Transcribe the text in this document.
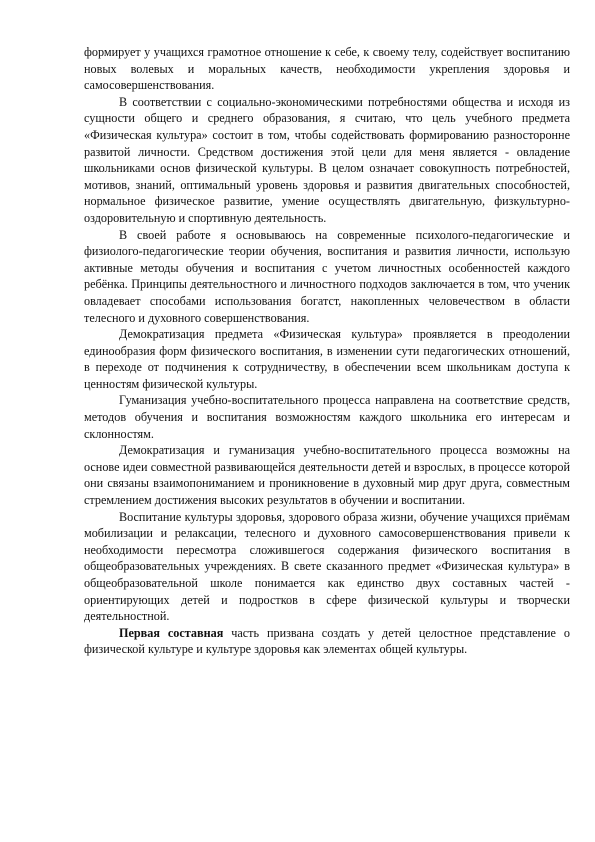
формирует у учащихся грамотное отношение к себе, к своему телу, содействует воспитанию новых волевых и моральных качеств, необходимости укрепления здоровья и самосовершенствования.

В соответствии с социально-экономическими потребностями общества и исходя из сущности общего и среднего образования, я считаю, что цель учебного предмета «Физическая культура» состоит в том, чтобы содействовать формированию разносторонне развитой личности. Средством достижения этой цели для меня является - овладение школьниками основ физической культуры. В целом означает совокупность потребностей, мотивов, знаний, оптимальный уровень здоровья и развития двигательных способностей, нормальное физическое развитие, умение осуществлять двигательную, физкультурно-оздоровительную и спортивную деятельность.

В своей работе я основываюсь на современные психолого-педагогические и физиолого-педагогические теории обучения, воспитания и развития личности, использую активные методы обучения и воспитания с учетом личностных особенностей каждого ребёнка. Принципы деятельностного и личностного подходов заключается в том, что ученик овладевает способами использования богатст, накопленных человечеством в области телесного и духовного совершенствования.

Демократизация предмета «Физическая культура» проявляется в преодолении единообразия форм физического воспитания, в изменении сути педагогических отношений, в переходе от подчинения к сотрудничеству, в обеспечении всем школьникам доступа к ценностям физической культуры.

Гуманизация учебно-воспитательного процесса направлена на соответствие средств, методов обучения и воспитания возможностям каждого школьника его интересам и склонностям.

Демократизация и гуманизация учебно-воспитательного процесса возможны на основе идеи совместной развивающейся деятельности детей и взрослых, в процессе которой они связаны взаимопониманием и проникновение в духовный мир друг друга, совместным стремлением достижения высоких результатов в обучении и воспитании.

Воспитание культуры здоровья, здорового образа жизни, обучение учащихся приёмам мобилизации и релаксации, телесного и духовного самосовершенствования привели к необходимости пересмотра сложившегося содержания физического воспитания в общеобразовательных учреждениях. В свете сказанного предмет «Физическая культура» в общеобразовательной школе понимается как единство двух составных частей - ориентирующих детей и подростков в сфере физической культуры и творчески деятельностной.

Первая составная часть призвана создать у детей целостное представление о физической культуре и культуре здоровья как элементах общей культуры.
